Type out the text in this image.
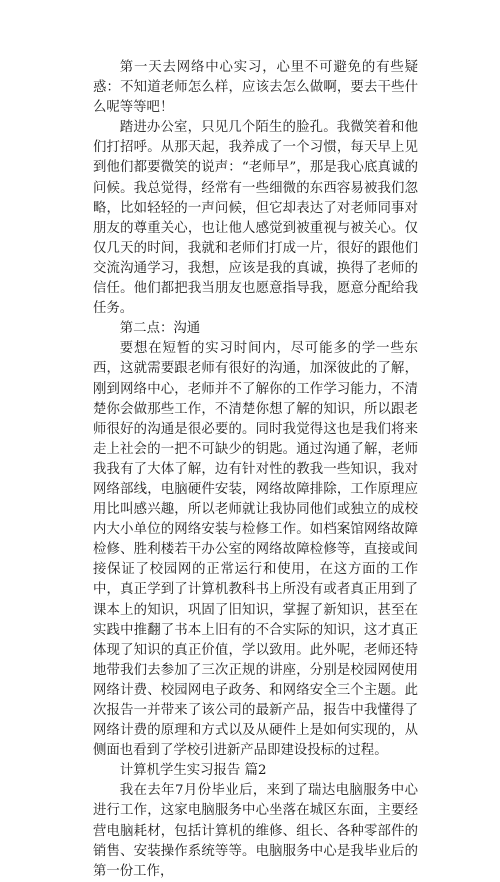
第一天去网络中心实习，心里不可避免的有些疑惑：不知道老师怎么样，应该去怎么做啊，要去干些什么呢等等吧！

踏进办公室，只见几个陌生的脸孔。我微笑着和他们打招呼。从那天起，我养成了一个习惯，每天早上见到他们都要微笑的说声：“老师早”，那是我心底真诚的问候。我总觉得，经常有一些细微的东西容易被我们忽略，比如轻轻的一声问候，但它却表达了对老师同事对朋友的尊重关心，也让他人感觉到被重视与被关心。仅仅几天的时间，我就和老师们打成一片，很好的跟他们交流沟通学习，我想，应该是我的真诚，换得了老师的信任。他们都把我当朋友也愿意指导我，愿意分配给我任务。

第二点：沟通

要想在短暂的实习时间内，尽可能多的学一些东西，这就需要跟老师有很好的沟通，加深彼此的了解，刚到网络中心，老师并不了解你的工作学习能力，不清楚你会做那些工作，不清楚你想了解的知识，所以跟老师很好的沟通是很必要的。同时我觉得这也是我们将来走上社会的一把不可缺少的钥匙。通过沟通了解，老师我我有了大体了解，边有针对性的教我一些知识，我对网络部线，电脑硬件安装，网络故障排除，工作原理应用比叫感兴趣，所以老师就让我协同他们或独立的成校内大小单位的网络安装与检修工作。如档案馆网络故障检修、胜利楼若干办公室的网络故障检修等，直接或间接保证了校园网的正常运行和使用，在这方面的工作中，真正学到了计算机教科书上所没有或者真正用到了课本上的知识，巩固了旧知识，掌握了新知识，甚至在实践中推翻了书本上旧有的不合实际的知识，这才真正体现了知识的真正价值，学以致用。此外呢，老师还特地带我们去参加了三次正规的讲座，分别是校园网使用网络计费、校园网电子政务、和网络安全三个主题。此次报告一并带来了该公司的最新产品，报告中我懂得了网络计费的原理和方式以及从硬件上是如何实现的，从侧面也看到了学校引进新产品即建设投标的过程。

计算机学生实习报告 篇2

我在去年7月份毕业后，来到了瑞达电脑服务中心进行工作，这家电脑服务中心坐落在城区东面，主要经营电脑耗材，包括计算机的维修、组长、各种零部件的销售、安装操作系统等等。电脑服务中心是我毕业后的第一份工作，
